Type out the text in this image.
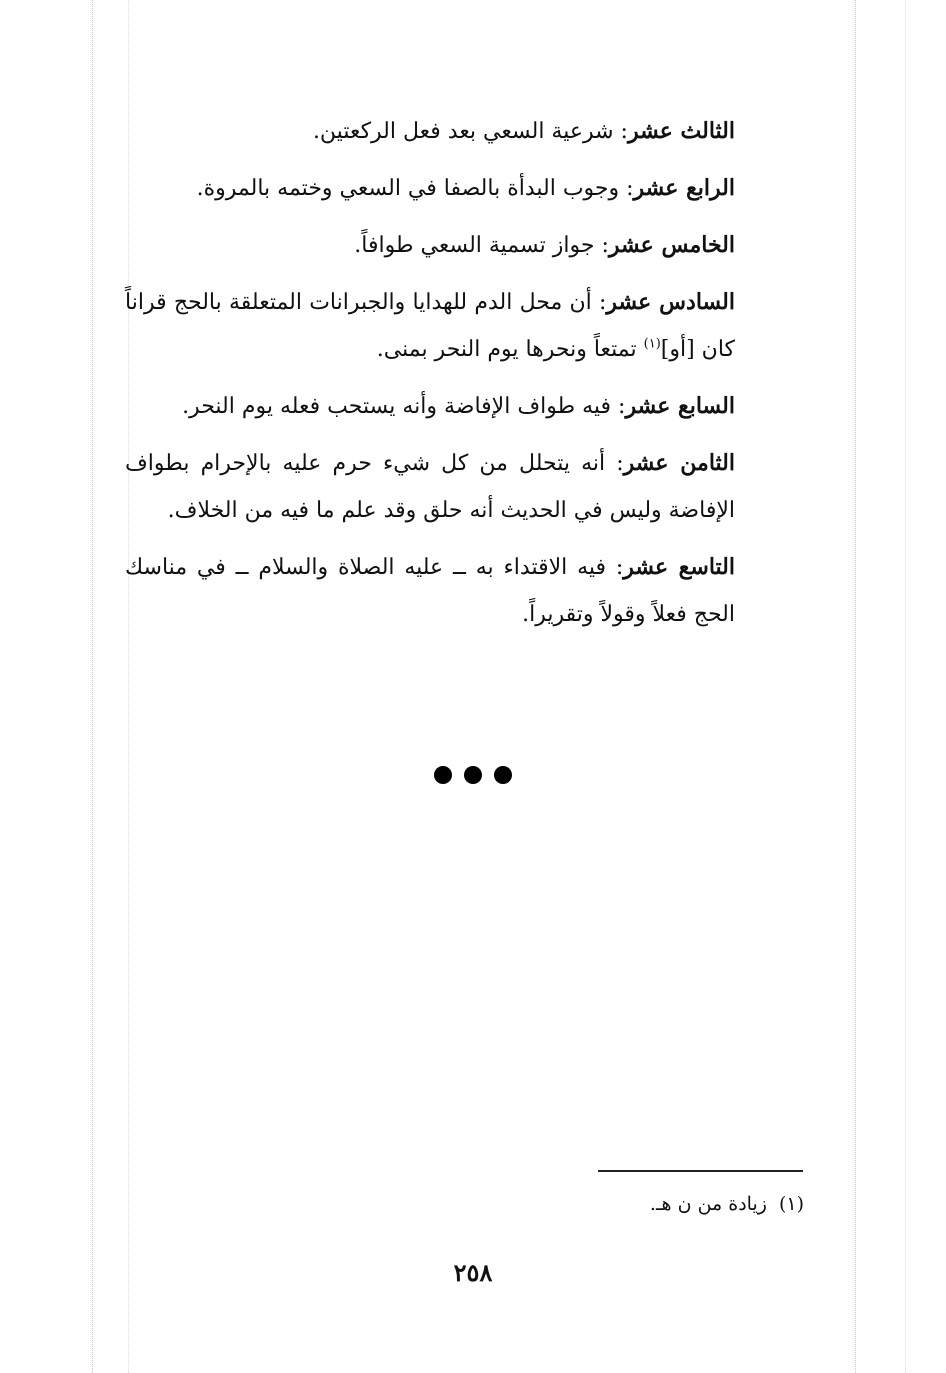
الثالث عشر: شرعية السعي بعد فعل الركعتين.

الرابع عشر: وجوب البدأة بالصفا في السعي وختمه بالمروة.

الخامس عشر: جواز تسمية السعي طوافاً.

السادس عشر: أن محل الدم للهدايا والجبرانات المتعلقة بالحج قراناً كان [أو]$^{(١)}$ تمتعاً ونحرها يوم النحر بمنى.

السابع عشر: فيه طواف الإفاضة وأنه يستحب فعله يوم النحر.

الثامن عشر: أنه يتحلل من كل شيء حرم عليه بالإحرام بطواف الإفاضة وليس في الحديث أنه حلق وقد علم ما فيه من الخلاف.

التاسع عشر: فيه الاقتداء به ــ عليه الصلاة والسلام ــ في مناسك الحج فعلاً وقولاً وتقريراً.

(١)زيادة من ن هـ.
٢٥٨
